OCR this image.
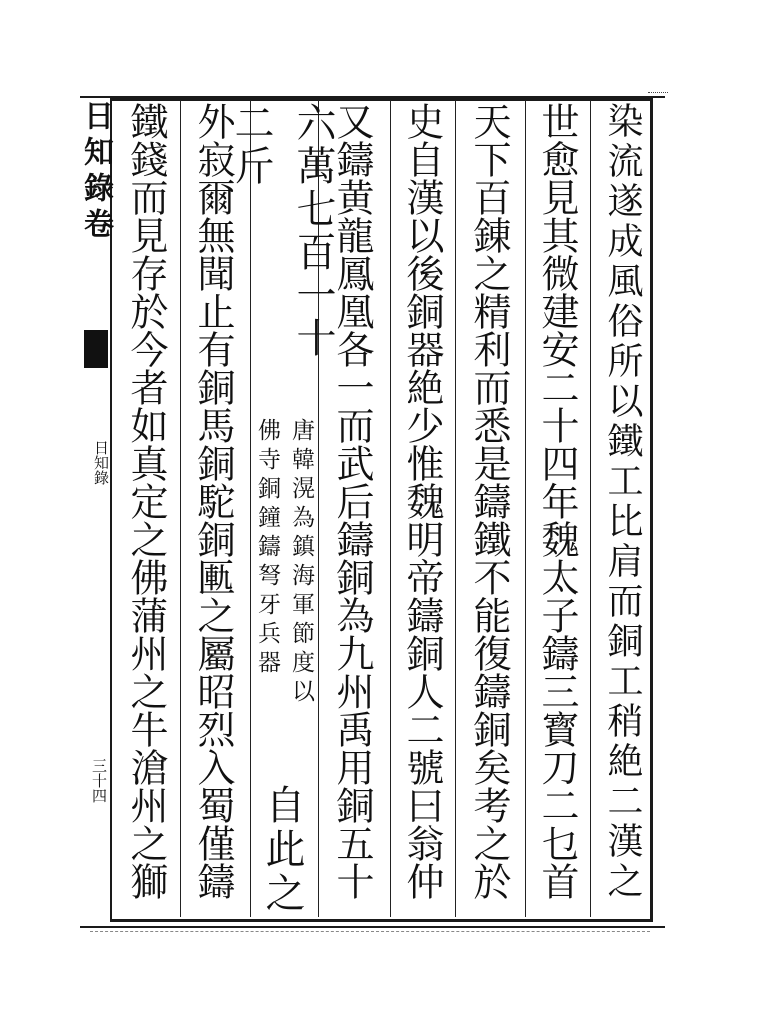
日知錄卷
日知錄
三十四	染流遂成風俗所以鐵工比肩而銅工稍絶二漢之
世愈見其微建安二十四年魏太子鑄三寳刀二乜首
天下百錬之精利而悉是鑄鐵不能復鑄銅矣考之於
史自漢以後銅器絶少惟魏明帝鑄銅人二號曰翁仲
又鑄黄龍鳳凰各一而武后鑄銅為九州禹用銅五十
六萬七百一十二斤
唐韓滉為鎮海軍節度以
佛寺銅鐘鑄弩牙兵器
自此之
外寂爾無聞止有銅馬銅駝銅匭之屬昭烈入蜀僅鑄
鐵錢而見存於今者如真定之佛蒲州之牛滄州之獅
